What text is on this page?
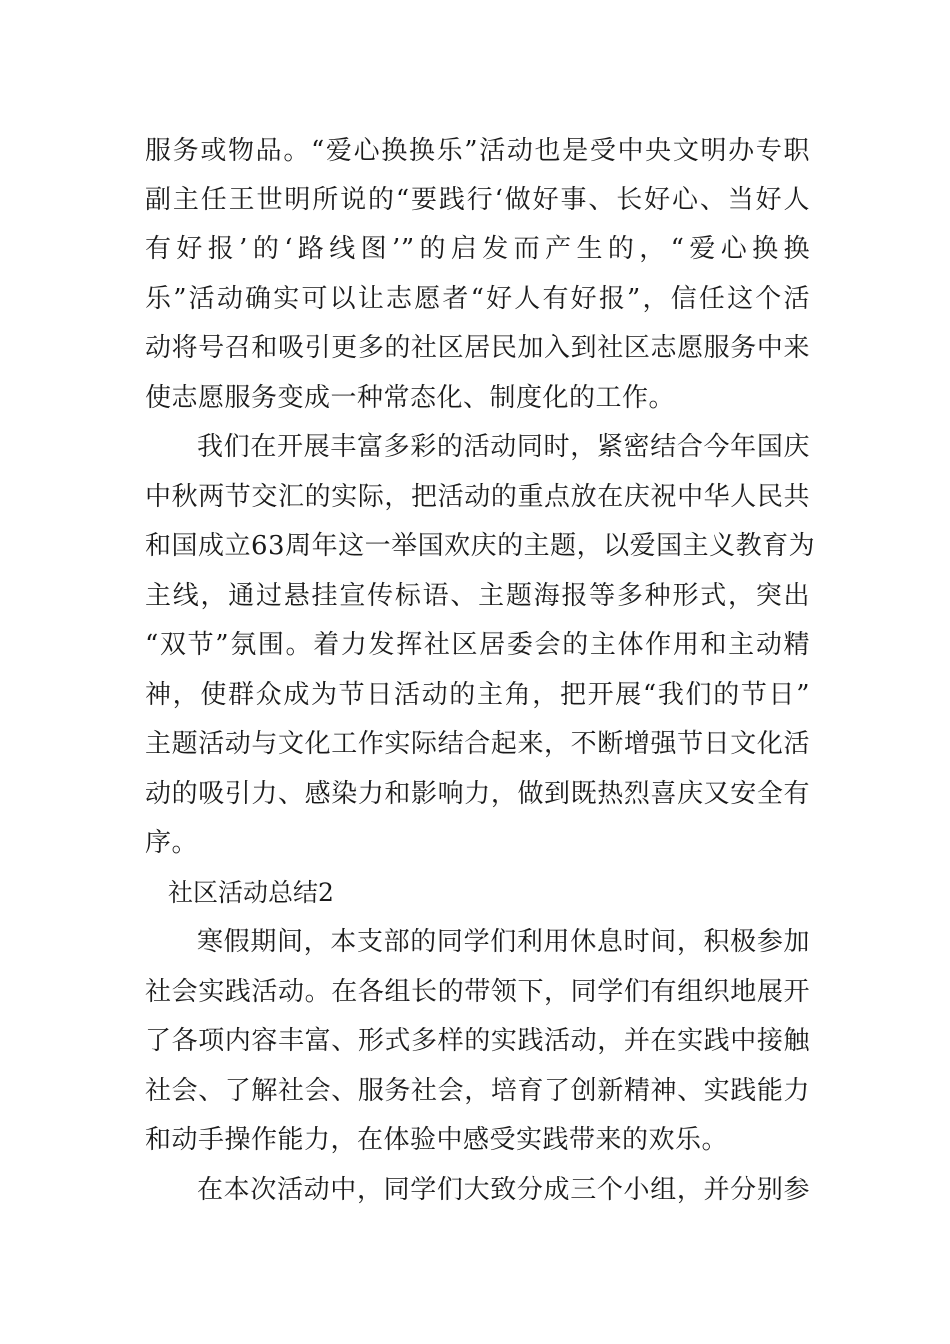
服务或物品。“爱心换换乐”活动也是受中央文明办专职
副主任王世明所说的“要践行‘做好事、长好心、当好人
有好报’的‘路线图’”的启发而产生的，“爱心换换
乐”活动确实可以让志愿者“好人有好报”，信任这个活
动将号召和吸引更多的社区居民加入到社区志愿服务中来
使志愿服务变成一种常态化、制度化的工作。
我们在开展丰富多彩的活动同时，紧密结合今年国庆
中秋两节交汇的实际，把活动的重点放在庆祝中华人民共
和国成立63周年这一举国欢庆的主题，以爱国主义教育为
主线，通过悬挂宣传标语、主题海报等多种形式，突出
“双节”氛围。着力发挥社区居委会的主体作用和主动精
神，使群众成为节日活动的主角，把开展“我们的节日”
主题活动与文化工作实际结合起来，不断增强节日文化活
动的吸引力、感染力和影响力，做到既热烈喜庆又安全有
序。
社区活动总结2
寒假期间，本支部的同学们利用休息时间，积极参加
社会实践活动。在各组长的带领下，同学们有组织地展开
了各项内容丰富、形式多样的实践活动，并在实践中接触
社会、了解社会、服务社会，培育了创新精神、实践能力
和动手操作能力，在体验中感受实践带来的欢乐。
在本次活动中，同学们大致分成三个小组，并分别参
